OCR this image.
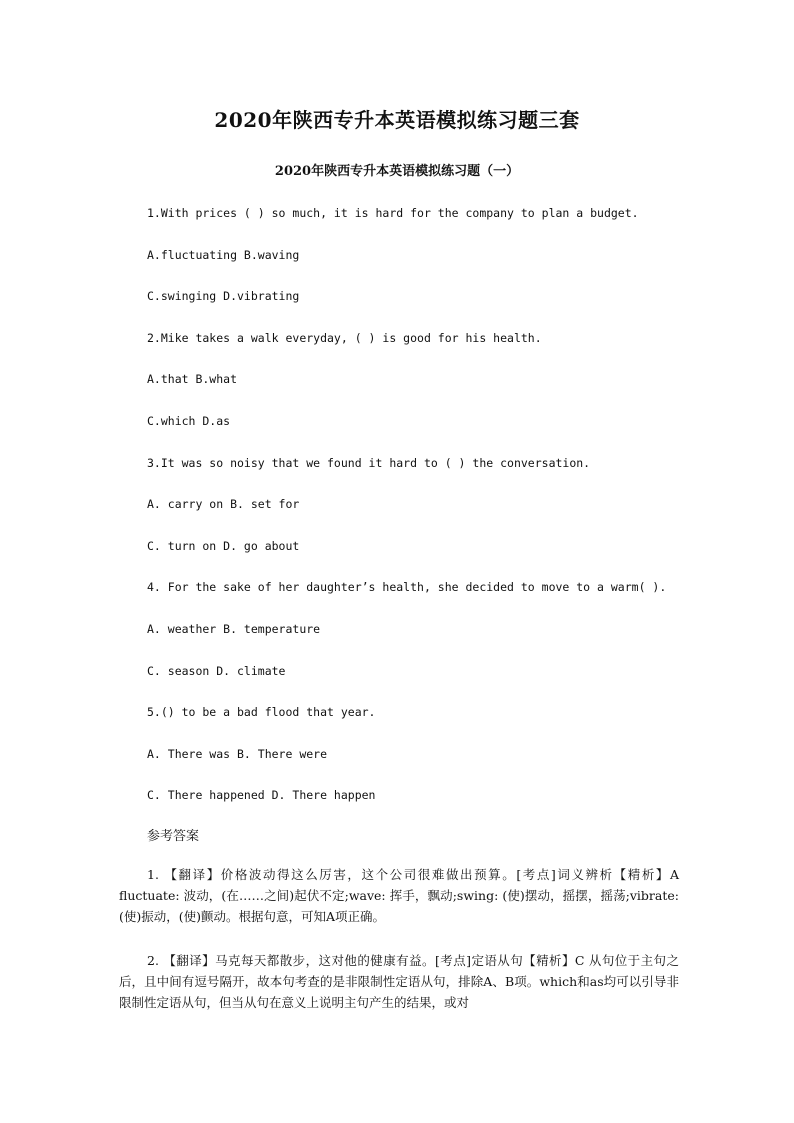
2020年陕西专升本英语模拟练习题三套
2020年陕西专升本英语模拟练习题（一）
1.With prices ( ) so much, it is hard for the company to plan a budget.
A.fluctuating B.waving
C.swinging D.vibrating
2.Mike takes a walk everyday, ( ) is good for his health.
A.that B.what
C.which D.as
3.It was so noisy that we found it hard to ( ) the conversation.
A. carry on B. set for
C. turn on D. go about
4. For the sake of her daughter’s health, she decided to move to a warm( ).
A. weather B. temperature
C. season D. climate
5.() to be a bad flood that year.
A. There was B. There were
C. There happened D. There happen
参考答案
1. 【翻译】价格波动得这么厉害，这个公司很难做出预算。[考点]词义辨析【精析】A fluctuate: 波动，(在……之间)起伏不定;wave: 挥手，飘动;swing: (使)摆动，摇摆，摇荡;vibrate: (使)振动，(使)颤动。根据句意，可知A项正确。
2. 【翻译】马克每天都散步，这对他的健康有益。[考点]定语从句【精析】C 从句位于主句之后，且中间有逗号隔开，故本句考查的是非限制性定语从句，排除A、B项。which和as均可以引导非限制性定语从句，但当从句在意义上说明主句产生的结果，或对
